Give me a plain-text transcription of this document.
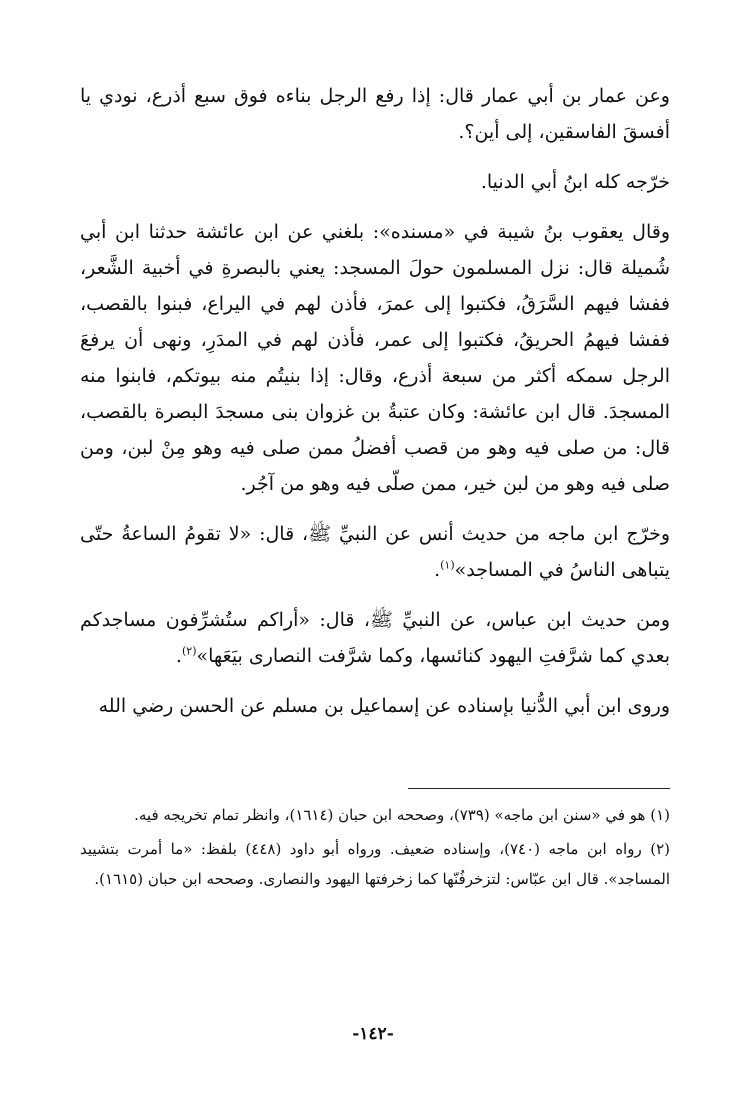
وعن عمار بن أبي عمار قال: إذا رفع الرجل بناءه فوق سبع أذرع، نودي يا أفسقَ الفاسقين، إلى أين؟.

خرّجه كله ابنُ أبي الدنيا.

وقال يعقوب بنُ شيبة في «مسنده»: بلغني عن ابن عائشة حدثنا ابن أبي شُميلة قال: نزل المسلمون حولَ المسجد: يعني بالبصرةِ في أخبية الشَّعر، ففشا فيهم السَّرَقُ، فكتبوا إلى عمرَ، فأذن لهم في اليراع، فبنوا بالقصب، ففشا فيهمُ الحريقُ، فكتبوا إلى عمر، فأذن لهم في المدَرِ، ونهى أن يرفعَ الرجل سمكه أكثر من سبعة أذرع، وقال: إذا بنيتُم منه بيوتكم، فابنوا منه المسجدَ. قال ابن عائشة: وكان عتبةُ بن غزوان بنى مسجدَ البصرة بالقصب، قال: من صلى فيه وهو من قصب أفضلُ ممن صلى فيه وهو مِنْ لبن، ومن صلى فيه وهو من لبن خير، ممن صلّى فيه وهو من آجُر.

وخرّج ابن ماجه من حديث أنس عن النبيِّ ﷺ، قال: «لا تقومُ الساعةُ حتّى يتباهى الناسُ في المساجد»$^{(١)}$.

ومن حديث ابن عباس، عن النبيِّ ﷺ، قال: «أراكم ستُشرِّفون مساجدكم بعدي كما شرَّفتِ اليهود كنائسها، وكما شرَّفت النصارى بيَعَها»$^{(٢)}$.

وروى ابن أبي الدُّنيا بإسناده عن إسماعيل بن مسلم عن الحسن رضي الله

(١) هو في «سنن ابن ماجه» (٧٣٩)، وصححه ابن حبان (١٦١٤)، وانظر تمام تخريجه فيه.

(٢) رواه ابن ماجه (٧٤٠)، وإسناده ضعيف. ورواه أبو داود (٤٤٨) بلفظ: «ما أمرت بتشييد المساجد». قال ابن عبّاس: لتزخرفُنّها كما زخرفتها اليهود والنصارى. وصححه ابن حبان (١٦١٥).

-١٤٢-
